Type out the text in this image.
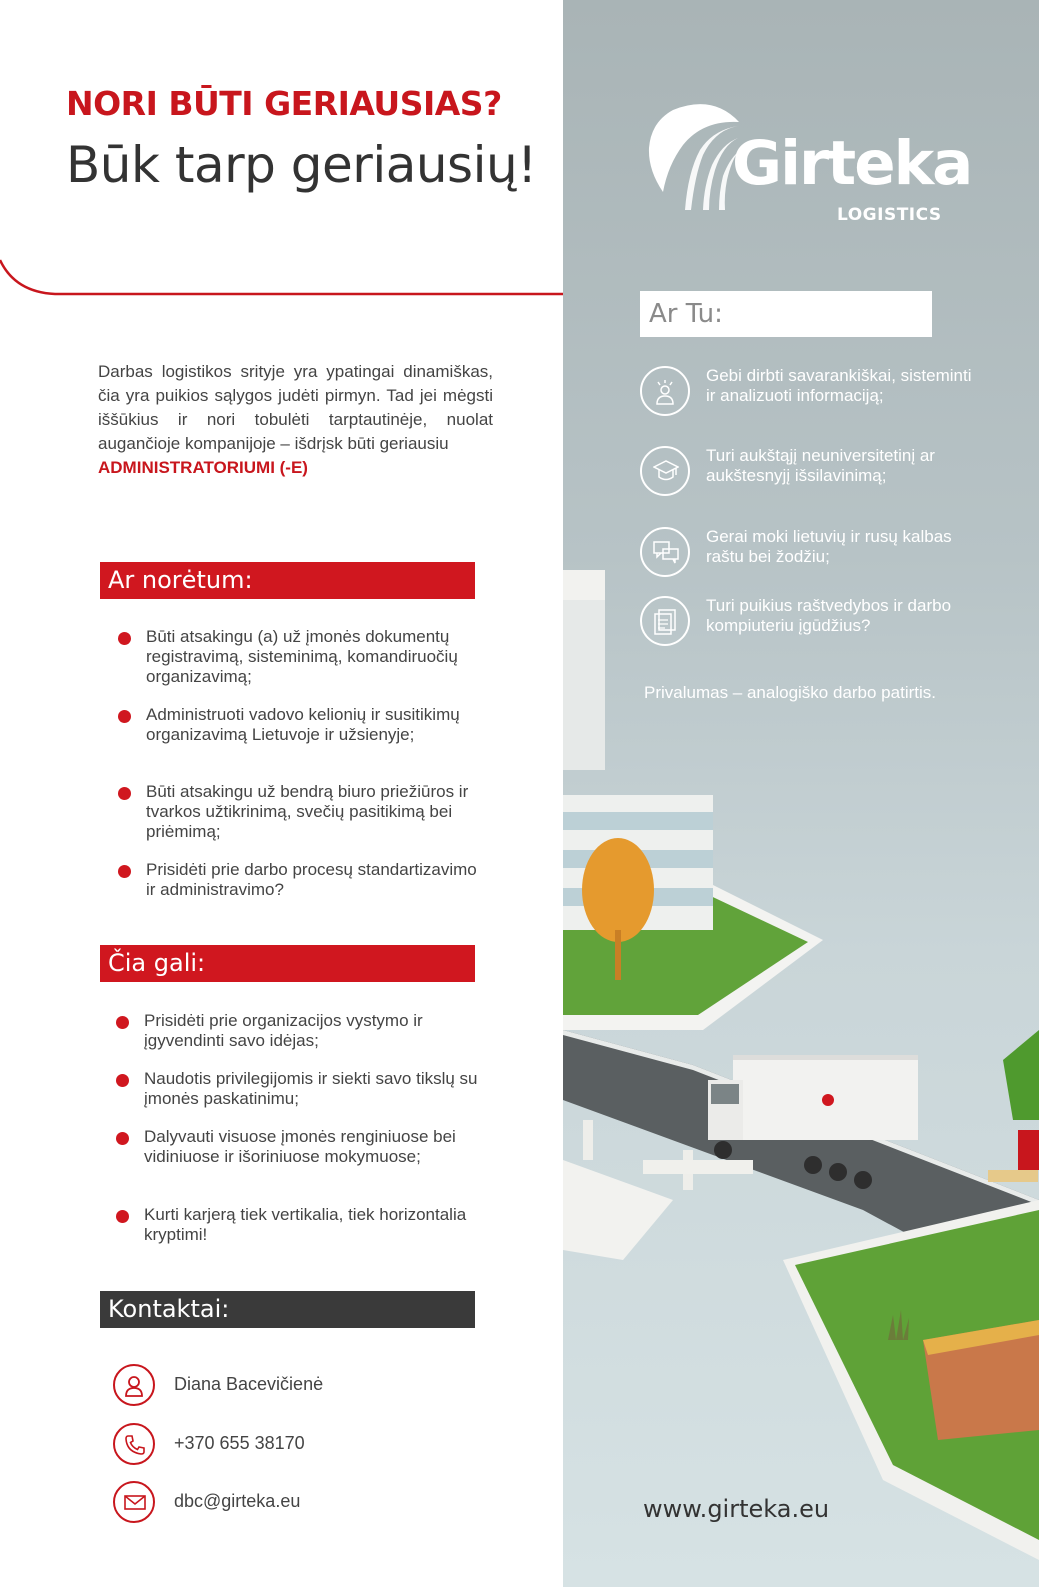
NORI BŪTI GERIAUSIAS?
Būk tarp geriausių!
Darbas logistikos srityje yra ypatingai dinamiškas, čia yra puikios sąlygos judėti pirmyn. Tad jei mėgsti iššūkius ir nori tobulėti tarptautinėje, nuolat augančioje kompanijoje – išdrįsk būti geriausiu
ADMINISTRATORIUMI (-E)
Ar norėtum:
Būti atsakingu (a) už įmonės dokumentų registravimą, sisteminimą, komandiruočių organizavimą;
Administruoti vadovo kelionių ir susitikimų organizavimą Lietuvoje ir užsienyje;
Būti atsakingu už bendrą biuro priežiūros ir tvarkos užtikrinimą, svečių pasitikimą bei priėmimą;
Prisidėti prie darbo procesų standartizavimo ir administravimo?
Čia gali:
Prisidėti prie organizacijos vystymo ir įgyvendinti savo idėjas;
Naudotis privilegijomis ir siekti savo tikslų su įmonės paskatinimu;
Dalyvauti visuose įmonės renginiuose bei vidiniuose ir išoriniuose mokymuose;
Kurti karjerą tiek vertikalia, tiek horizontalia kryptimi!
Kontaktai:
Diana Bacevičienė
+370 655 38170
dbc@girteka.eu
Girteka
LOGISTICS
Ar Tu:
Gebi dirbti savarankiškai, sisteminti ir analizuoti informaciją;
Turi aukštąjį neuniversitetinį ar aukštesnyjį išsilavinimą;
Gerai moki lietuvių ir rusų kalbas raštu bei žodžiu;
Turi puikius raštvedybos ir darbo kompiuteriu įgūdžius?
Privalumas – analogiško darbo patirtis.
www.girteka.eu
